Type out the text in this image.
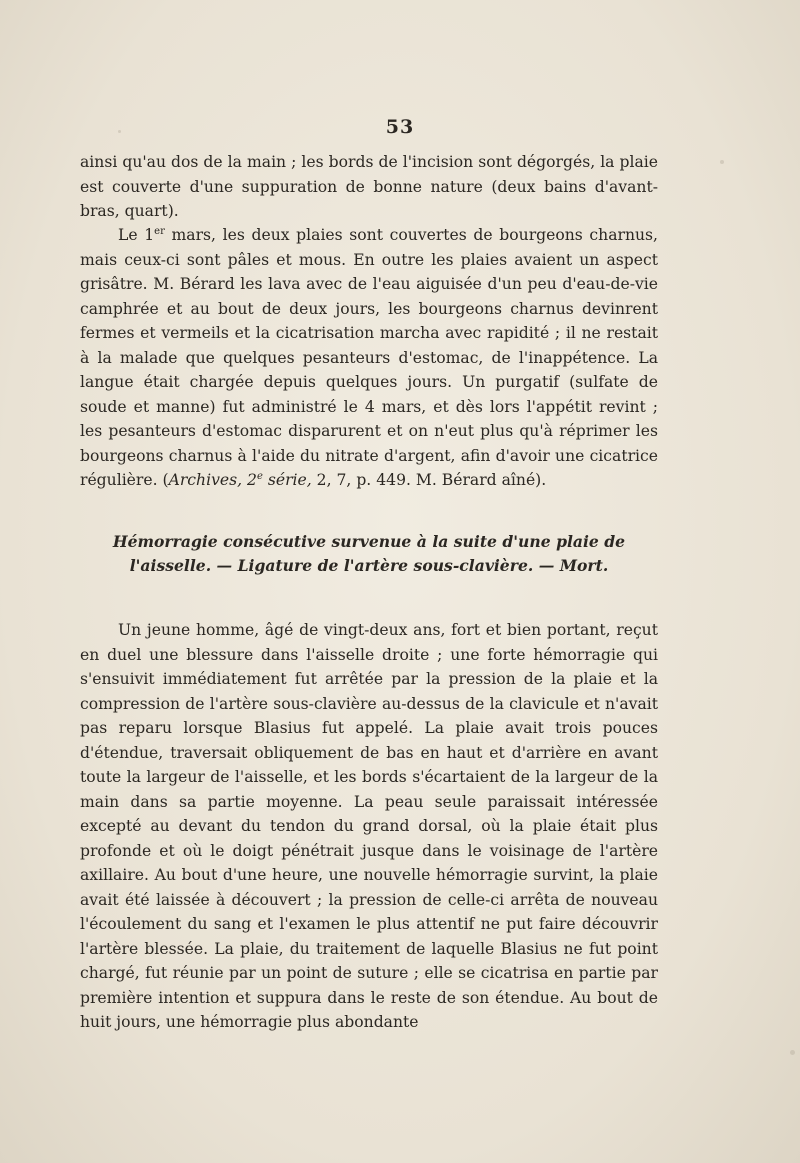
53

ainsi qu'au dos de la main ; les bords de l'incision sont dégorgés, la plaie est couverte d'une suppuration de bonne nature (deux bains d'avant-bras, quart).

Le 1er mars, les deux plaies sont couvertes de bourgeons charnus, mais ceux-ci sont pâles et mous. En outre les plaies avaient un aspect grisâtre. M. Bérard les lava avec de l'eau aiguisée d'un peu d'eau-de-vie camphrée et au bout de deux jours, les bourgeons charnus devinrent fermes et vermeils et la cicatrisation marcha avec rapidité ; il ne restait à la malade que quelques pesanteurs d'estomac, de l'inappétence. La langue était chargée depuis quelques jours. Un purgatif (sulfate de soude et manne) fut administré le 4 mars, et dès lors l'appétit revint ; les pesanteurs d'estomac disparurent et on n'eut plus qu'à réprimer les bourgeons charnus à l'aide du nitrate d'argent, afin d'avoir une cicatrice régulière. (Archives, 2e série, 2, 7, p. 449. M. Bérard aîné).

Hémorragie consécutive survenue à la suite d'une plaie de l'aisselle. — Ligature de l'artère sous-clavière. — Mort.

Un jeune homme, âgé de vingt-deux ans, fort et bien portant, reçut en duel une blessure dans l'aisselle droite ; une forte hémorragie qui s'ensuivit immédiatement fut arrêtée par la pression de la plaie et la compression de l'artère sous-clavière au-dessus de la clavicule et n'avait pas reparu lorsque Blasius fut appelé. La plaie avait trois pouces d'étendue, traversait obliquement de bas en haut et d'arrière en avant toute la largeur de l'aisselle, et les bords s'écartaient de la largeur de la main dans sa partie moyenne. La peau seule paraissait intéressée excepté au devant du tendon du grand dorsal, où la plaie était plus profonde et où le doigt pénétrait jusque dans le voisinage de l'artère axillaire. Au bout d'une heure, une nouvelle hémorragie survint, la plaie avait été laissée à découvert ; la pression de celle-ci arrêta de nouveau l'écoulement du sang et l'examen le plus attentif ne put faire découvrir l'artère blessée. La plaie, du traitement de laquelle Blasius ne fut point chargé, fut réunie par un point de suture ; elle se cicatrisa en partie par première intention et suppura dans le reste de son étendue. Au bout de huit jours, une hémorragie plus abondante
